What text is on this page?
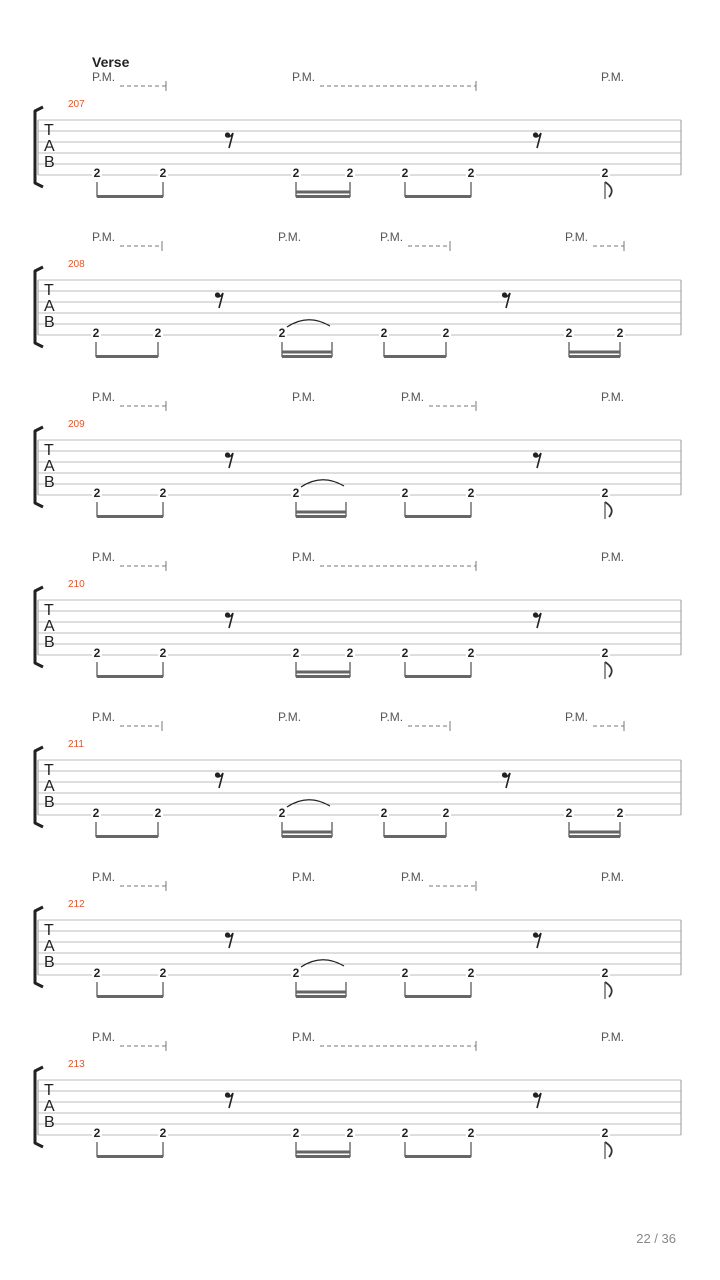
Verse
P.M.	P.M.	P.M.
207
T
A
B
2	2	2	2	2	2	2
P.M.	P.M.	P.M.	P.M.
208
T
A
B
2	2	2	2	2	2	2
P.M.	P.M.	P.M.	P.M.
209
T
A
B
2	2	2	2	2	2
P.M.	P.M.	P.M.
210
T
A
B
2	2	2	2	2	2	2
P.M.	P.M.	P.M.	P.M.
211
T
A
B
2	2	2	2	2	2	2
P.M.	P.M.	P.M.	P.M.
212
T
A
B
2	2	2	2	2	2
P.M.	P.M.	P.M.
213
T
A
B
2	2	2	2	2	2	2
22 / 36
